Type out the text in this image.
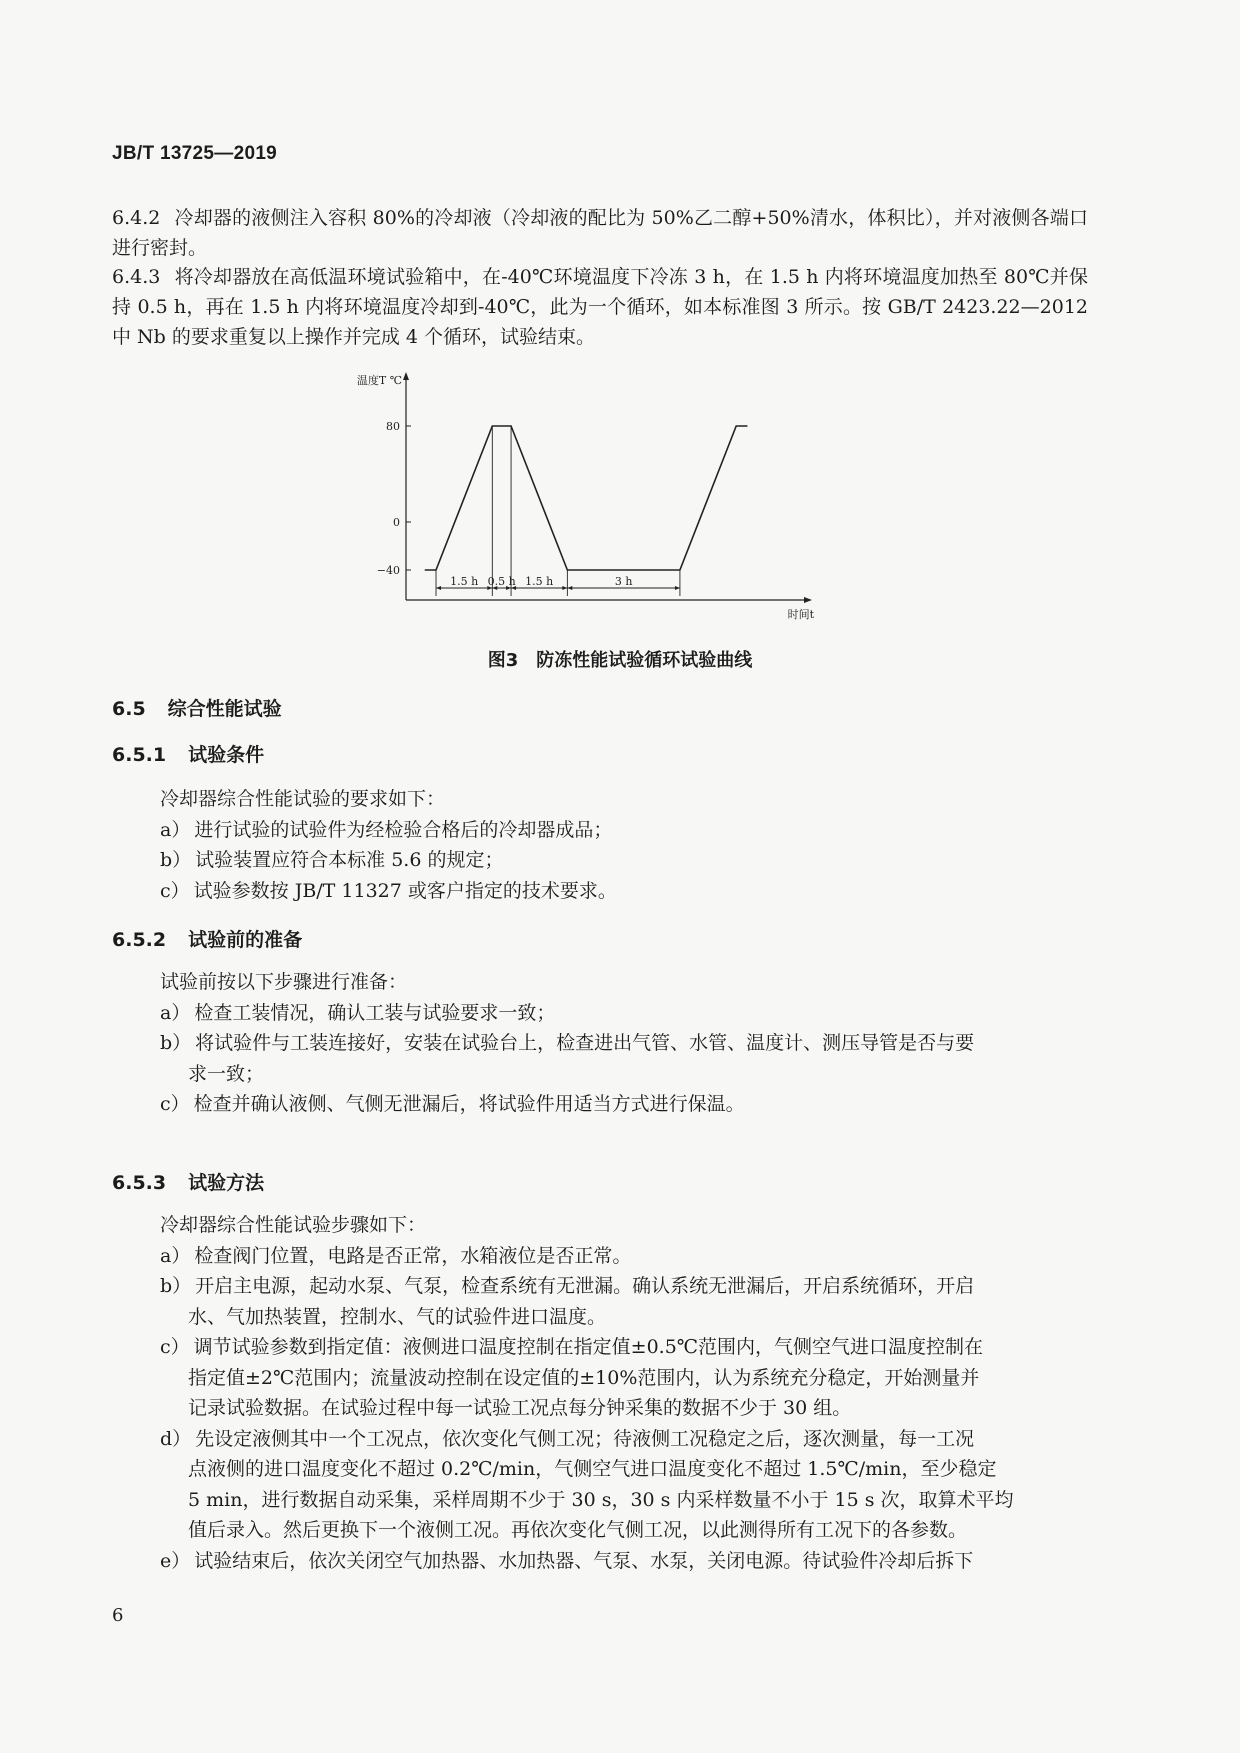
JB/T 13725—2019

6.4.2 冷却器的液侧注入容积 80%的冷却液（冷却液的配比为 50%乙二醇+50%清水，体积比），并对液侧各端口进行密封。

6.4.3 将冷却器放在高低温环境试验箱中，在-40℃环境温度下冷冻 3 h，在 1.5 h 内将环境温度加热至 80℃并保持 0.5 h，再在 1.5 h 内将环境温度冷却到-40℃，此为一个循环，如本标准图 3 所示。按 GB/T 2423.22—2012 中 Nb 的要求重复以上操作并完成 4 个循环，试验结束。

温度T ℃
时间t
80
0
−40
1.5 h 0.5 h 1.5 h	3 h
图3 防冻性能试验循环试验曲线
6.5 综合性能试验
6.5.1 试验条件

冷却器综合性能试验的要求如下：

a） 进行试验的试验件为经检验合格后的冷却器成品；

b） 试验装置应符合本标准 5.6 的规定；

c） 试验参数按 JB/T 11327 或客户指定的技术要求。

6.5.2 试验前的准备

试验前按以下步骤进行准备：

a） 检查工装情况，确认工装与试验要求一致；

b） 将试验件与工装连接好，安装在试验台上，检查进出气管、水管、温度计、测压导管是否与要
求一致；

c） 检查并确认液侧、气侧无泄漏后，将试验件用适当方式进行保温。

6.5.3 试验方法

冷却器综合性能试验步骤如下：

a） 检查阀门位置，电路是否正常，水箱液位是否正常。

b） 开启主电源，起动水泵、气泵，检查系统有无泄漏。确认系统无泄漏后，开启系统循环，开启
水、气加热装置，控制水、气的试验件进口温度。

c） 调节试验参数到指定值：液侧进口温度控制在指定值±0.5℃范围内，气侧空气进口温度控制在
指定值±2℃范围内；流量波动控制在设定值的±10%范围内，认为系统充分稳定，开始测量并
记录试验数据。在试验过程中每一试验工况点每分钟采集的数据不少于 30 组。

d） 先设定液侧其中一个工况点，依次变化气侧工况；待液侧工况稳定之后，逐次测量，每一工况
点液侧的进口温度变化不超过 0.2℃/min，气侧空气进口温度变化不超过 1.5℃/min，至少稳定
5 min，进行数据自动采集，采样周期不少于 30 s，30 s 内采样数量不小于 15 s 次，取算术平均
值后录入。然后更换下一个液侧工况。再依次变化气侧工况，以此测得所有工况下的各参数。

e） 试验结束后，依次关闭空气加热器、水加热器、气泵、水泵，关闭电源。待试验件冷却后拆下

6
